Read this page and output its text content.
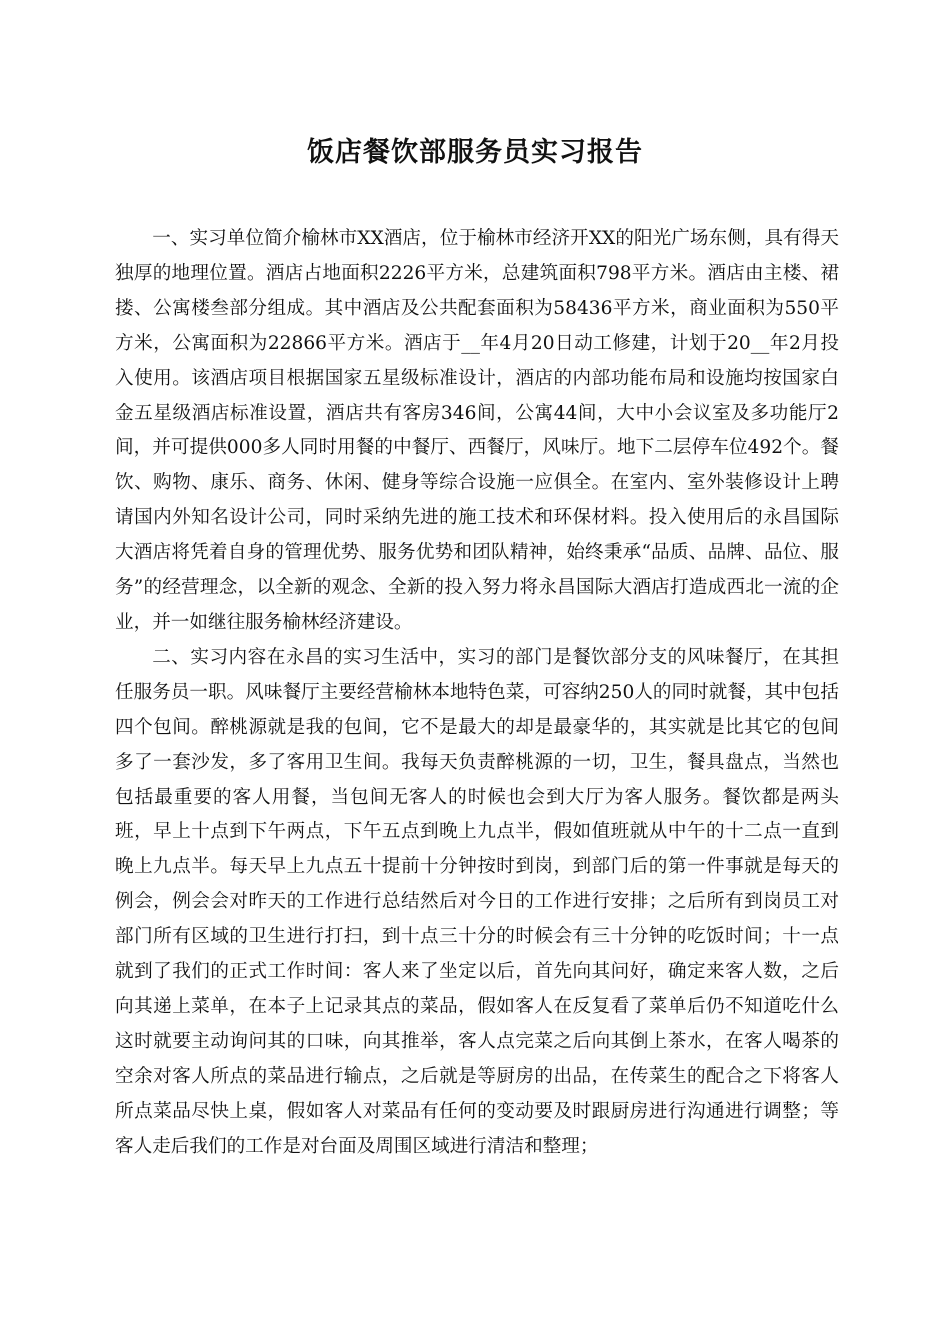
饭店餐饮部服务员实习报告

一、实习单位简介榆林市XX酒店，位于榆林市经济开XX的阳光广场东侧，具有得天独厚的地理位置。酒店占地面积2226平方米，总建筑面积798平方米。酒店由主楼、裙搂、公寓楼叁部分组成。其中酒店及公共配套面积为58436平方米，商业面积为550平方米，公寓面积为22866平方米。酒店于__年4月20日动工修建，计划于20__年2月投入使用。该酒店项目根据国家五星级标准设计，酒店的内部功能布局和设施均按国家白金五星级酒店标准设置，酒店共有客房346间，公寓44间，大中小会议室及多功能厅2间，并可提供000多人同时用餐的中餐厅、西餐厅，风味厅。地下二层停车位492个。餐饮、购物、康乐、商务、休闲、健身等综合设施一应俱全。在室内、室外装修设计上聘请国内外知名设计公司，同时采纳先进的施工技术和环保材料。投入使用后的永昌国际大酒店将凭着自身的管理优势、服务优势和团队精神，始终秉承“品质、品牌、品位、服务”的经营理念，以全新的观念、全新的投入努力将永昌国际大酒店打造成西北一流的企业，并一如继往服务榆林经济建设。

二、实习内容在永昌的实习生活中，实习的部门是餐饮部分支的风味餐厅，在其担任服务员一职。风味餐厅主要经营榆林本地特色菜，可容纳250人的同时就餐，其中包括四个包间。醉桃源就是我的包间，它不是最大的却是最豪华的，其实就是比其它的包间多了一套沙发，多了客用卫生间。我每天负责醉桃源的一切，卫生，餐具盘点，当然也包括最重要的客人用餐，当包间无客人的时候也会到大厅为客人服务。餐饮都是两头班，早上十点到下午两点，下午五点到晚上九点半，假如值班就从中午的十二点一直到晚上九点半。每天早上九点五十提前十分钟按时到岗，到部门后的第一件事就是每天的例会，例会会对昨天的工作进行总结然后对今日的工作进行安排；之后所有到岗员工对部门所有区域的卫生进行打扫，到十点三十分的时候会有三十分钟的吃饭时间；十一点就到了我们的正式工作时间：客人来了坐定以后，首先向其问好，确定来客人数，之后向其递上菜单，在本子上记录其点的菜品，假如客人在反复看了菜单后仍不知道吃什么这时就要主动询问其的口味，向其推举，客人点完菜之后向其倒上茶水，在客人喝茶的空余对客人所点的菜品进行输点，之后就是等厨房的出品，在传菜生的配合之下将客人所点菜品尽快上桌，假如客人对菜品有任何的变动要及时跟厨房进行沟通进行调整；等客人走后我们的工作是对台面及周围区域进行清洁和整理；
